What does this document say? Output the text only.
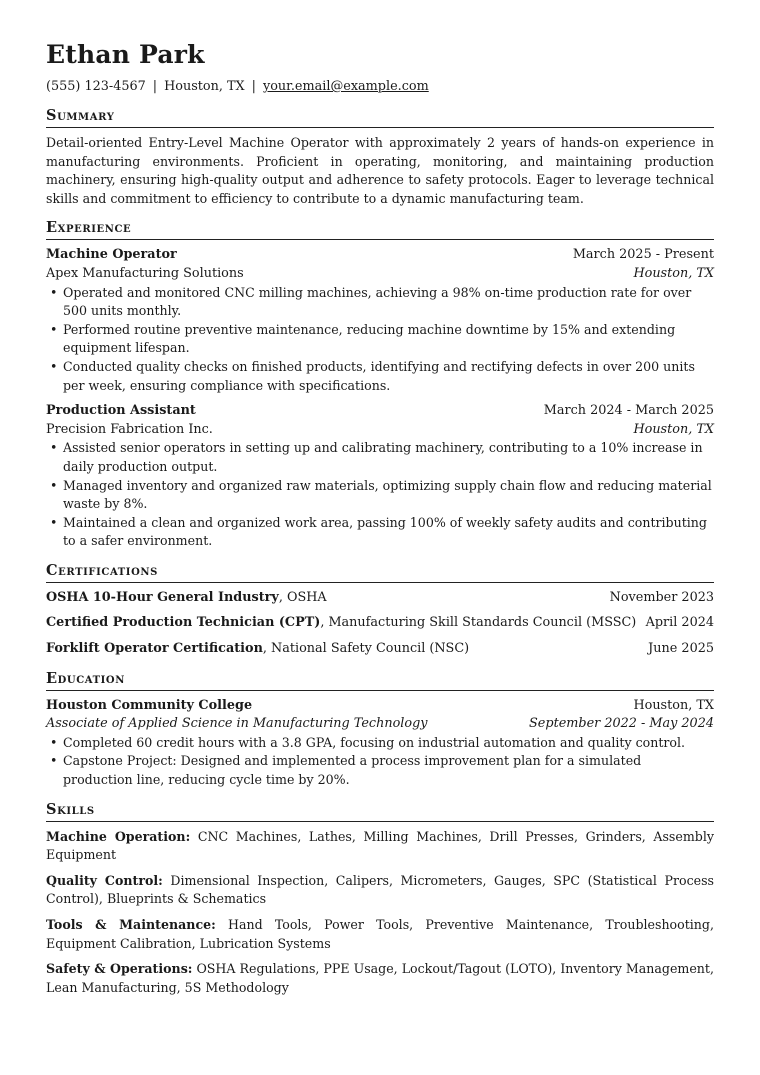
Ethan Park
(555) 123-4567 | Houston, TX | your.email@example.com
Summary
Detail-oriented Entry-Level Machine Operator with approximately 2 years of hands-on experience in manufacturing environments. Proficient in operating, monitoring, and maintaining production machinery, ensuring high-quality output and adherence to safety protocols. Eager to leverage technical skills and commitment to efficiency to contribute to a dynamic manufacturing team.
Experience
Machine Operator	March 2025 - Present
Apex Manufacturing Solutions	Houston, TX
• Operated and monitored CNC milling machines, achieving a 98% on-time production rate for over 500 units monthly.
• Performed routine preventive maintenance, reducing machine downtime by 15% and extending equipment lifespan.
• Conducted quality checks on finished products, identifying and rectifying defects in over 200 units per week, ensuring compliance with specifications.
Production Assistant	March 2024 - March 2025
Precision Fabrication Inc.	Houston, TX
• Assisted senior operators in setting up and calibrating machinery, contributing to a 10% increase in daily production output.
• Managed inventory and organized raw materials, optimizing supply chain flow and reducing material waste by 8%.
• Maintained a clean and organized work area, passing 100% of weekly safety audits and contributing to a safer environment.
Certifications
OSHA 10-Hour General Industry, OSHA	November 2023
Certified Production Technician (CPT), Manufacturing Skill Standards Council (MSSC) April 2024
Forklift Operator Certification, National Safety Council (NSC)	June 2025
Education
Houston Community College	Houston, TX
Associate of Applied Science in Manufacturing Technology	September 2022 - May 2024
• Completed 60 credit hours with a 3.8 GPA, focusing on industrial automation and quality control.
• Capstone Project: Designed and implemented a process improvement plan for a simulated production line, reducing cycle time by 20%.
Skills
Machine Operation: CNC Machines, Lathes, Milling Machines, Drill Presses, Grinders, Assembly Equipment
Quality Control: Dimensional Inspection, Calipers, Micrometers, Gauges, SPC (Statistical Process Control), Blueprints & Schematics
Tools & Maintenance: Hand Tools, Power Tools, Preventive Maintenance, Troubleshooting, Equipment Calibration, Lubrication Systems
Safety & Operations: OSHA Regulations, PPE Usage, Lockout/Tagout (LOTO), Inventory Management, Lean Manufacturing, 5S Methodology
